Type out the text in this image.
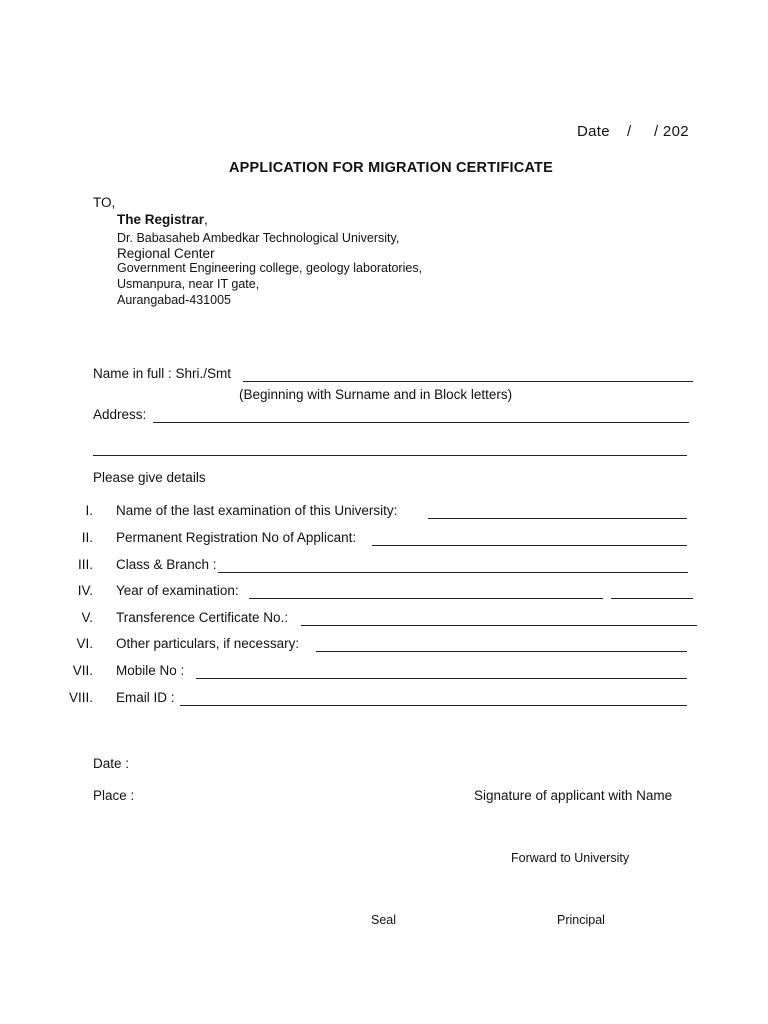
Date / / 202
APPLICATION FOR MIGRATION CERTIFICATE
TO,
The Registrar,
Dr. Babasaheb Ambedkar Technological University,
Regional Center
Government Engineering college, geology laboratories,
Usmanpura, near IT gate,
Aurangabad-431005
Name in full : Shri./Smt
(Beginning with Surname and in Block letters)
Address:
Please give details
I. Name of the last examination of this University:
II. Permanent Registration No of Applicant:
III. Class & Branch :
IV. Year of examination:
V. Transference Certificate No.:
VI. Other particulars, if necessary:
VII. Mobile No :
VIII. Email ID :
Date :
Place :	Signature of applicant with Name
Forward to University
Seal	Principal
